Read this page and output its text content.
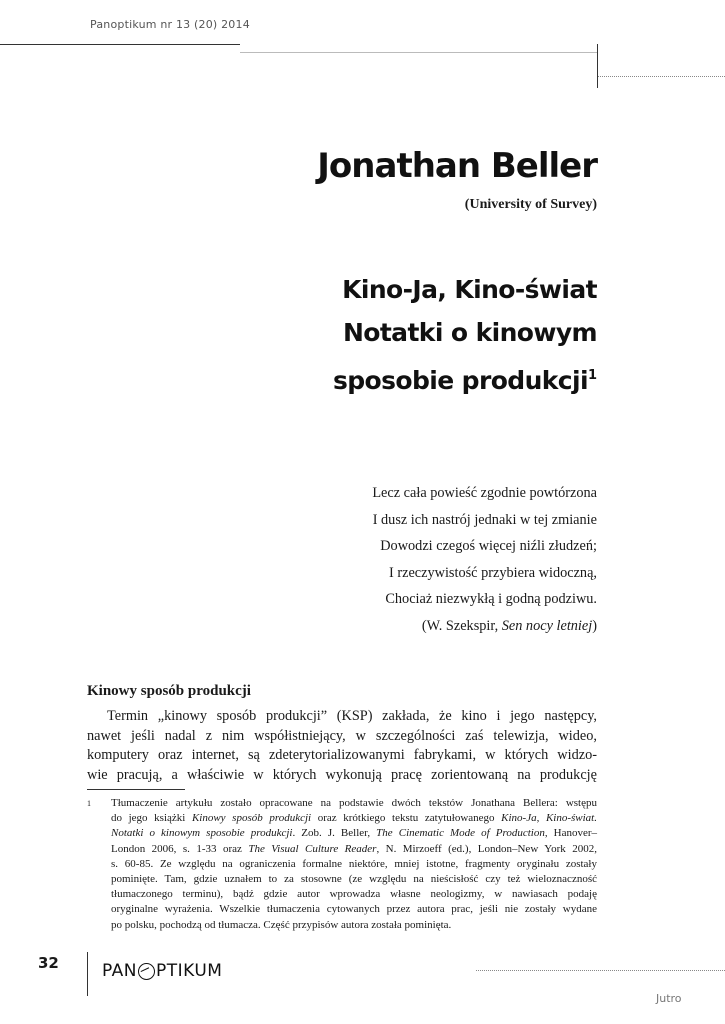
Panoptikum nr 13 (20) 2014
Jonathan Beller
(University of Survey)
Kino-Ja, Kino-świat
Notatki o kinowym
sposobie produkcji$^1$
Lecz cała powieść zgodnie powtórzona
I dusz ich nastrój jednaki w tej zmianie
Dowodzi czegoś więcej niźli złudzeń;
I rzeczywistość przybiera widoczną,
Chociaż niezwykłą i godną podziwu.
(W. Szekspir, Sen nocy letniej)
Kinowy sposób produkcji
Termin „kinowy sposób produkcji” (KSP) zakłada, że kino i jego następcy,
nawet jeśli nadal z nim współistniejący, w szczególności zaś telewizja, wideo,
komputery oraz internet, są zdeterytorializowanymi fabrykami, w których widzo-
wie pracują, a właściwie w których wykonują pracę zorientowaną na produkcję
1	Tłumaczenie artykułu zostało opracowane na podstawie dwóch tekstów Jonathana Bellera: wstępu
do jego książki Kinowy sposób produkcji oraz krótkiego tekstu zatytułowanego Kino-Ja, Kino-świat.
Notatki o kinowym sposobie produkcji. Zob. J. Beller, The Cinematic Mode of Production, Hanover–
London 2006, s. 1-33 oraz The Visual Culture Reader, N. Mirzoeff (ed.), London–New York 2002,
s. 60-85. Ze względu na ograniczenia formalne niektóre, mniej istotne, fragmenty oryginału zostały
pominięte. Tam, gdzie uznałem to za stosowne (ze względu na nieścisłość czy też wieloznaczność
tłumaczonego terminu), bądź gdzie autor wprowadza własne neologizmy, w nawiasach podaję
oryginalne wyrażenia. Wszelkie tłumaczenia cytowanych przez autora prac, jeśli nie zostały wydane
po polsku, pochodzą od tłumacza. Część przypisów autora została pominięta.
32	PAN PTIKUM
Jutro
